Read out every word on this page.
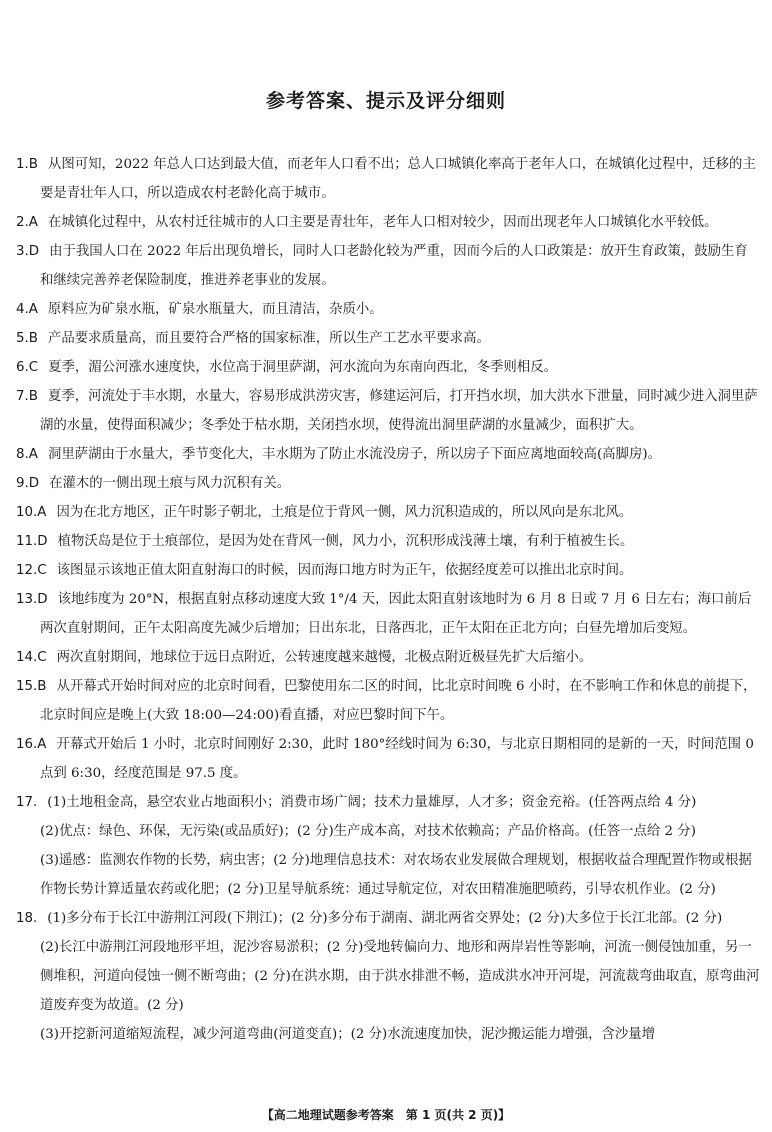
参考答案、提示及评分细则
1.B 从图可知，2022 年总人口达到最大值，而老年人口看不出；总人口城镇化率高于老年人口，在城镇化过程中，迁移的主要是青壮年人口，所以造成农村老龄化高于城市。
2.A 在城镇化过程中，从农村迁往城市的人口主要是青壮年，老年人口相对较少，因而出现老年人口城镇化水平较低。
3.D 由于我国人口在 2022 年后出现负增长，同时人口老龄化较为严重，因而今后的人口政策是：放开生育政策，鼓励生育和继续完善养老保险制度，推进养老事业的发展。
4.A 原料应为矿泉水瓶，矿泉水瓶量大，而且清洁，杂质小。
5.B 产品要求质量高，而且要符合严格的国家标准，所以生产工艺水平要求高。
6.C 夏季，湄公河涨水速度快，水位高于洞里萨湖，河水流向为东南向西北，冬季则相反。
7.B 夏季，河流处于丰水期，水量大，容易形成洪涝灾害，修建运河后，打开挡水坝，加大洪水下泄量，同时减少进入洞里萨湖的水量，使得面积减少；冬季处于枯水期，关闭挡水坝，使得流出洞里萨湖的水量减少，面积扩大。
8.A 洞里萨湖由于水量大，季节变化大，丰水期为了防止水流没房子，所以房子下面应离地面较高(高脚房)。
9.D 在灌木的一侧出现土痕与风力沉积有关。
10.A 因为在北方地区，正午时影子朝北，土痕是位于背风一侧，风力沉积造成的，所以风向是东北风。
11.D 植物沃岛是位于土痕部位，是因为处在背风一侧，风力小，沉积形成浅薄土壤，有利于植被生长。
12.C 该图显示该地正值太阳直射海口的时候，因而海口地方时为正午，依据经度差可以推出北京时间。
13.D 该地纬度为 20°N，根据直射点移动速度大致 1°/4 天，因此太阳直射该地时为 6 月 8 日或 7 月 6 日左右；海口前后两次直射期间，正午太阳高度先减少后增加；日出东北，日落西北，正午太阳在正北方向；白昼先增加后变短。
14.C 两次直射期间，地球位于远日点附近，公转速度越来越慢，北极点附近极昼先扩大后缩小。
15.B 从开幕式开始时间对应的北京时间看，巴黎使用东二区的时间，比北京时间晚 6 小时，在不影响工作和休息的前提下，北京时间应是晚上(大致 18:00—24:00)看直播，对应巴黎时间下午。
16.A 开幕式开始后 1 小时，北京时间刚好 2:30，此时 180°经线时间为 6:30，与北京日期相同的是新的一天，时间范围 0 点到 6:30，经度范围是 97.5 度。
17. (1)土地租金高，悬空农业占地面积小；消费市场广阔；技术力量雄厚，人才多；资金充裕。(任答两点给 4 分)
(2)优点：绿色、环保，无污染(或品质好)；(2 分)生产成本高，对技术依赖高；产品价格高。(任答一点给 2 分)
(3)遥感：监测农作物的长势，病虫害；(2 分)地理信息技术：对农场农业发展做合理规划，根据收益合理配置作物或根据作物长势计算适量农药或化肥；(2 分)卫星导航系统：通过导航定位，对农田精准施肥喷药，引导农机作业。(2 分)
18. (1)多分布于长江中游荆江河段(下荆江)；(2 分)多分布于湖南、湖北两省交界处；(2 分)大多位于长江北部。(2 分)
(2)长江中游荆江河段地形平坦，泥沙容易淤积；(2 分)受地转偏向力、地形和两岸岩性等影响，河流一侧侵蚀加重，另一侧堆积，河道向侵蚀一侧不断弯曲；(2 分)在洪水期，由于洪水排泄不畅，造成洪水冲开河堤，河流裁弯曲取直，原弯曲河道废弃变为故道。(2 分)
(3)开挖新河道缩短流程，减少河道弯曲(河道变直)；(2 分)水流速度加快，泥沙搬运能力增强，含沙量增
【高二地理试题参考答案　第 1 页(共 2 页)】
